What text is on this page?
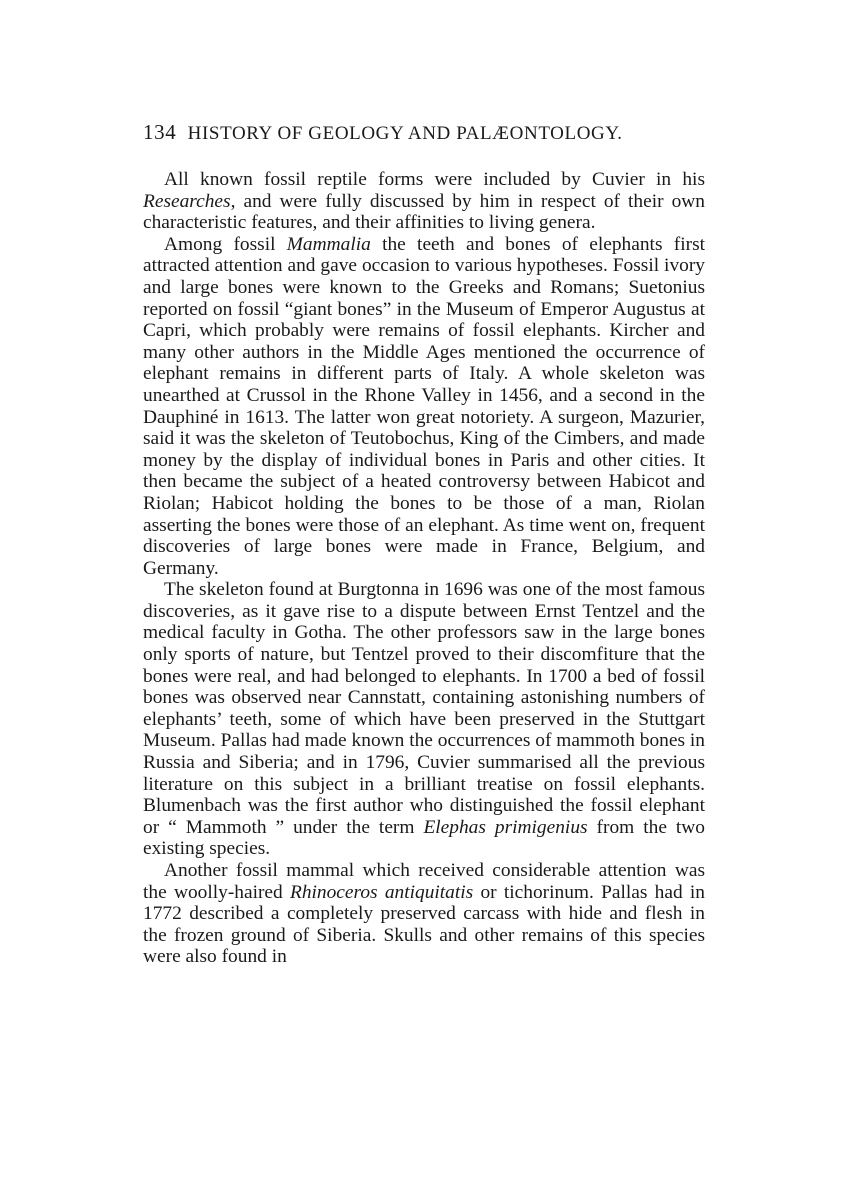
134 HISTORY OF GEOLOGY AND PALÆONTOLOGY.

All known fossil reptile forms were included by Cuvier in his Researches, and were fully discussed by him in respect of their own characteristic features, and their affinities to living genera.

Among fossil Mammalia the teeth and bones of elephants first attracted attention and gave occasion to various hypotheses. Fossil ivory and large bones were known to the Greeks and Romans; Suetonius reported on fossil “giant bones” in the Museum of Emperor Augustus at Capri, which probably were remains of fossil elephants. Kircher and many other authors in the Middle Ages mentioned the occurrence of elephant remains in different parts of Italy. A whole skeleton was unearthed at Crussol in the Rhone Valley in 1456, and a second in the Dauphiné in 1613. The latter won great notoriety. A surgeon, Mazurier, said it was the skeleton of Teutobochus, King of the Cimbers, and made money by the display of individual bones in Paris and other cities. It then became the subject of a heated controversy between Habicot and Riolan; Habicot holding the bones to be those of a man, Riolan asserting the bones were those of an elephant. As time went on, frequent discoveries of large bones were made in France, Belgium, and Germany.

The skeleton found at Burgtonna in 1696 was one of the most famous discoveries, as it gave rise to a dispute between Ernst Tentzel and the medical faculty in Gotha. The other professors saw in the large bones only sports of nature, but Tentzel proved to their discomfiture that the bones were real, and had belonged to elephants. In 1700 a bed of fossil bones was observed near Cannstatt, containing astonishing numbers of elephants’ teeth, some of which have been preserved in the Stuttgart Museum. Pallas had made known the occurrences of mammoth bones in Russia and Siberia; and in 1796, Cuvier summarised all the previous literature on this subject in a brilliant treatise on fossil elephants. Blumenbach was the first author who distinguished the fossil elephant or “ Mammoth ” under the term Elephas primigenius from the two existing species.

Another fossil mammal which received considerable attention was the woolly-haired Rhinoceros antiquitatis or tichorinum. Pallas had in 1772 described a completely preserved carcass with hide and flesh in the frozen ground of Siberia. Skulls and other remains of this species were also found in
